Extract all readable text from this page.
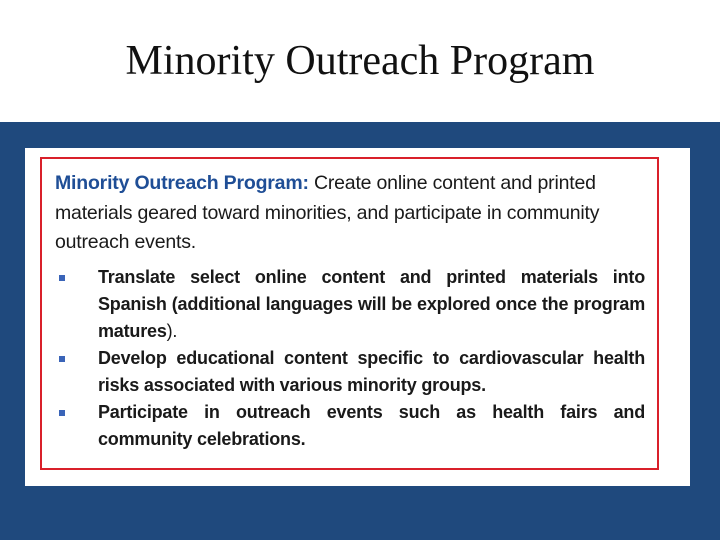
Minority Outreach Program

Minority Outreach Program: Create online content and printed materials geared toward minorities, and participate in community outreach events.

Translate select online content and printed materials into Spanish (additional languages will be explored once the program matures).
Develop educational content specific to cardiovascular health risks associated with various minority groups.
Participate in outreach events such as health fairs and community celebrations.
